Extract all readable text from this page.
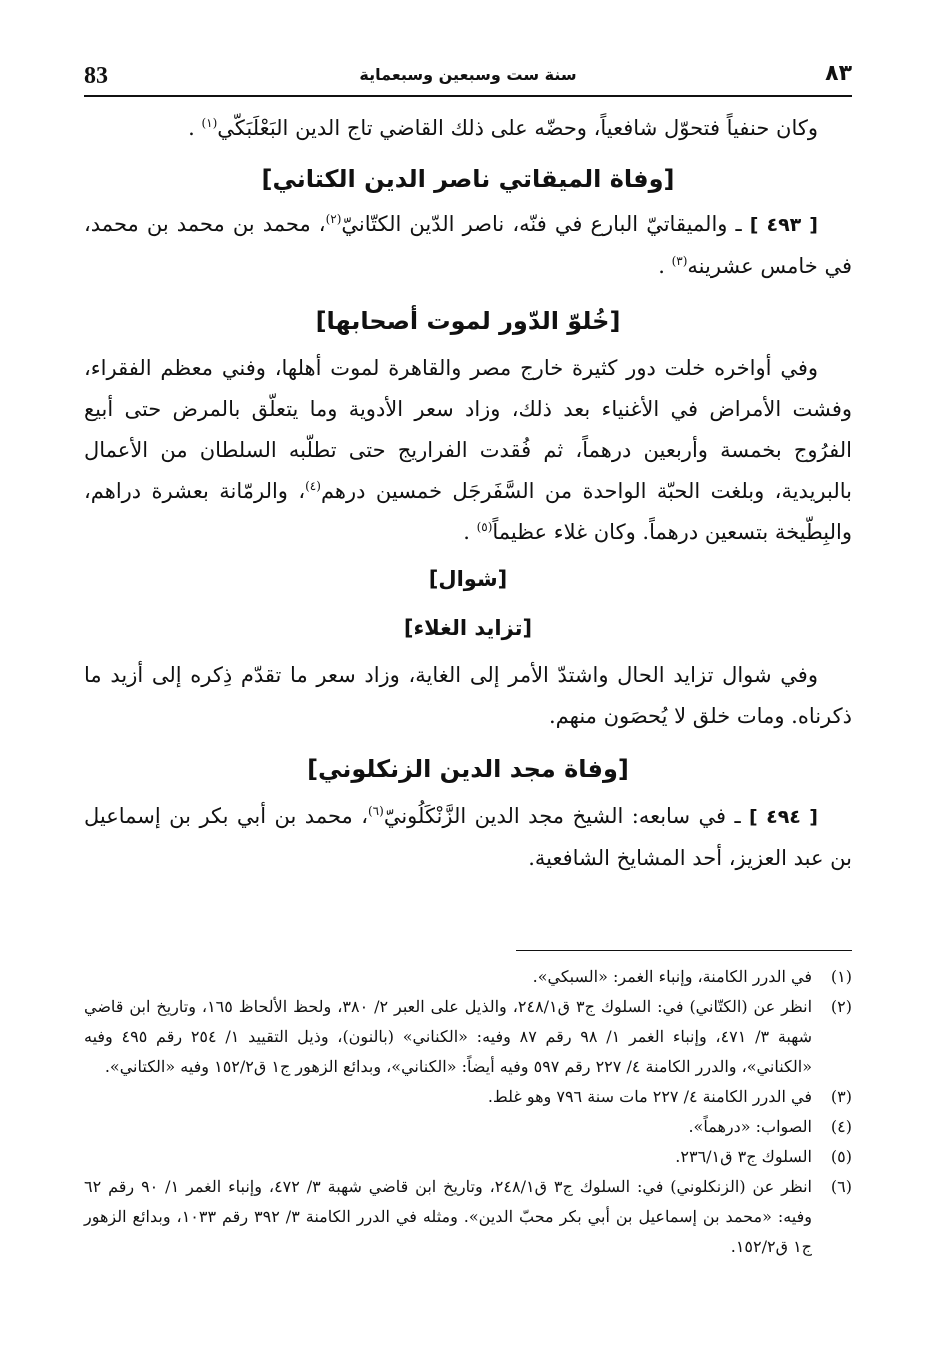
83	سنة ست وسبعين وسبعماية	٨٣

وكان حنفياً فتحوّل شافعياً، وحضّه على ذلك القاضي تاج الدين البَعْلَبَكّي$^{(١)}$ .

[وفاة الميقاتي ناصر الدين الكتاني]

[ ٤٩٣ ] ـ والميقاتيّ البارع في فنّه، ناصر الدّين الكتّانيّ$^{(٢)}$، محمد بن محمد بن محمد، في خامس عشرينه$^{(٣)}$ .

[خُلوّ الدّور لموت أصحابها]

وفي أواخره خلت دور كثيرة خارج مصر والقاهرة لموت أهلها، وفني معظم الفقراء، وفشت الأمراض في الأغنياء بعد ذلك، وزاد سعر الأدوية وما يتعلّق بالمرض حتى أبيع الفرُوج بخمسة وأربعين درهماً، ثم فُقدت الفراريج حتى تطلّبه السلطان من الأعمال بالبريدية، وبلغت الحبّة الواحدة من السَّفَرجَل خمسين درهم$^{(٤)}$، والرمّانة بعشرة دراهم، والبِطّيخة بتسعين درهماً. وكان غلاء عظيماً$^{(٥)}$ .

[شوال]
[تزايد الغلاء]

وفي شوال تزايد الحال واشتدّ الأمر إلى الغاية، وزاد سعر ما تقدّم ذِكره إلى أزيد ما ذكرناه. ومات خلق لا يُحصَون منهم.

[وفاة مجد الدين الزنكلوني]

[ ٤٩٤ ] ـ في سابعه: الشيخ مجد الدين الزَّنْكَلُونيّ$^{(٦)}$، محمد بن أبي بكر بن إسماعيل بن عبد العزيز، أحد المشايخ الشافعية.

(١)
في الدرر الكامنة، وإنباء الغمر: «السبكي».
(٢)
انظر عن (الكتّاني) في: السلوك ج٣ ق٢٤٨/١، والذيل على العبر ٢/ ٣٨٠، ولحظ الألحاظ ١٦٥، وتاريخ ابن قاضي شهبة ٣/ ٤٧١، وإنباء الغمر ١/ ٩٨ رقم ٨٧ وفيه: «الكناني» (بالنون)، وذيل التقييد ١/ ٢٥٤ رقم ٤٩٥ وفيه «الكناني»، والدرر الكامنة ٤/ ٢٢٧ رقم ٥٩٧ وفيه أيضاً: «الكناني»، وبدائع الزهور ج١ ق١٥٢/٢ وفيه «الكتاني».
(٣)
في الدرر الكامنة ٤/ ٢٢٧ مات سنة ٧٩٦ وهو غلط.
(٤)
الصواب: «درهماً».
(٥)
السلوك ج٣ ق٢٣٦/١.
(٦)
انظر عن (الزنكلوني) في: السلوك ج٣ ق٢٤٨/١، وتاريخ ابن قاضي شهبة ٣/ ٤٧٢، وإنباء الغمر ١/ ٩٠ رقم ٦٢ وفيه: «محمد بن إسماعيل بن أبي بكر محبّ الدين». ومثله في الدرر الكامنة ٣/ ٣٩٢ رقم ١٠٣٣، وبدائع الزهور ج١ ق١٥٢/٢.
